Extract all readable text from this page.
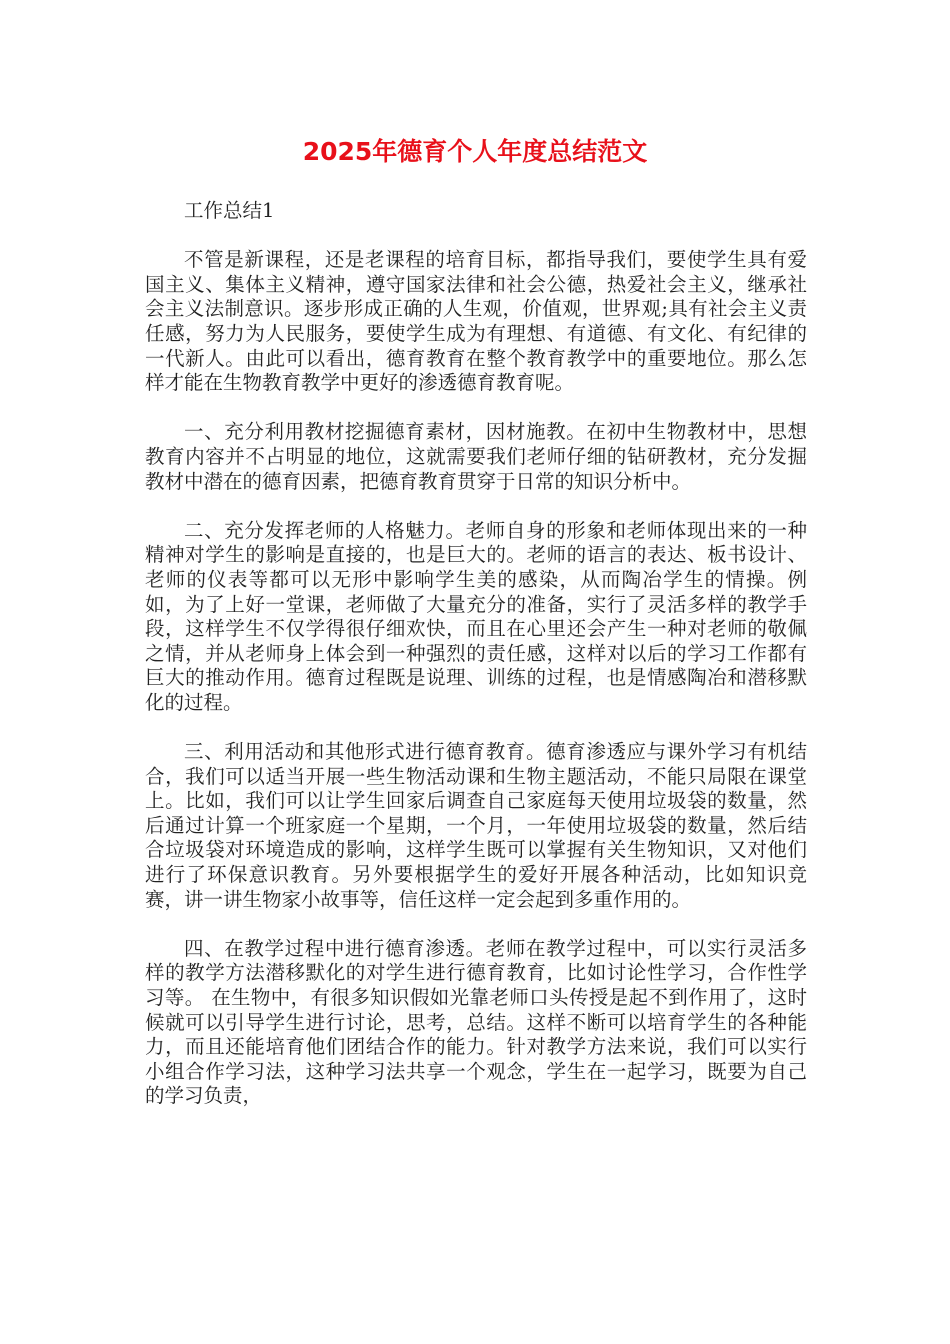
2025年德育个人年度总结范文

工作总结1

不管是新课程，还是老课程的培育目标，都指导我们，要使学生具有爱国主义、集体主义精神，遵守国家法律和社会公德，热爱社会主义，继承社会主义法制意识。逐步形成正确的人生观，价值观，世界观;具有社会主义责任感，努力为人民服务，要使学生成为有理想、有道德、有文化、有纪律的一代新人。由此可以看出，德育教育在整个教育教学中的重要地位。那么怎样才能在生物教育教学中更好的渗透德育教育呢。

一、充分利用教材挖掘德育素材，因材施教。在初中生物教材中，思想教育内容并不占明显的地位，这就需要我们老师仔细的钻研教材，充分发掘教材中潜在的德育因素，把德育教育贯穿于日常的知识分析中。

二、充分发挥老师的人格魅力。老师自身的形象和老师体现出来的一种精神对学生的影响是直接的，也是巨大的。老师的语言的表达、板书设计、老师的仪表等都可以无形中影响学生美的感染，从而陶冶学生的情操。例如，为了上好一堂课，老师做了大量充分的准备，实行了灵活多样的教学手段，这样学生不仅学得很仔细欢快，而且在心里还会产生一种对老师的敬佩之情，并从老师身上体会到一种强烈的责任感，这样对以后的学习工作都有巨大的推动作用。德育过程既是说理、训练的过程，也是情感陶冶和潜移默化的过程。

三、利用活动和其他形式进行德育教育。德育渗透应与课外学习有机结合，我们可以适当开展一些生物活动课和生物主题活动，不能只局限在课堂上。比如，我们可以让学生回家后调查自己家庭每天使用垃圾袋的数量，然后通过计算一个班家庭一个星期，一个月，一年使用垃圾袋的数量，然后结合垃圾袋对环境造成的影响，这样学生既可以掌握有关生物知识，又对他们进行了环保意识教育。另外要根据学生的爱好开展各种活动，比如知识竞赛，讲一讲生物家小故事等，信任这样一定会起到多重作用的。

四、在教学过程中进行德育渗透。老师在教学过程中，可以实行灵活多样的教学方法潜移默化的对学生进行德育教育，比如讨论性学习，合作性学习等。 在生物中，有很多知识假如光靠老师口头传授是起不到作用了，这时候就可以引导学生进行讨论，思考，总结。这样不断可以培育学生的各种能力，而且还能培育他们团结合作的能力。针对教学方法来说，我们可以实行小组合作学习法，这种学习法共享一个观念，学生在一起学习，既要为自己的学习负责，
